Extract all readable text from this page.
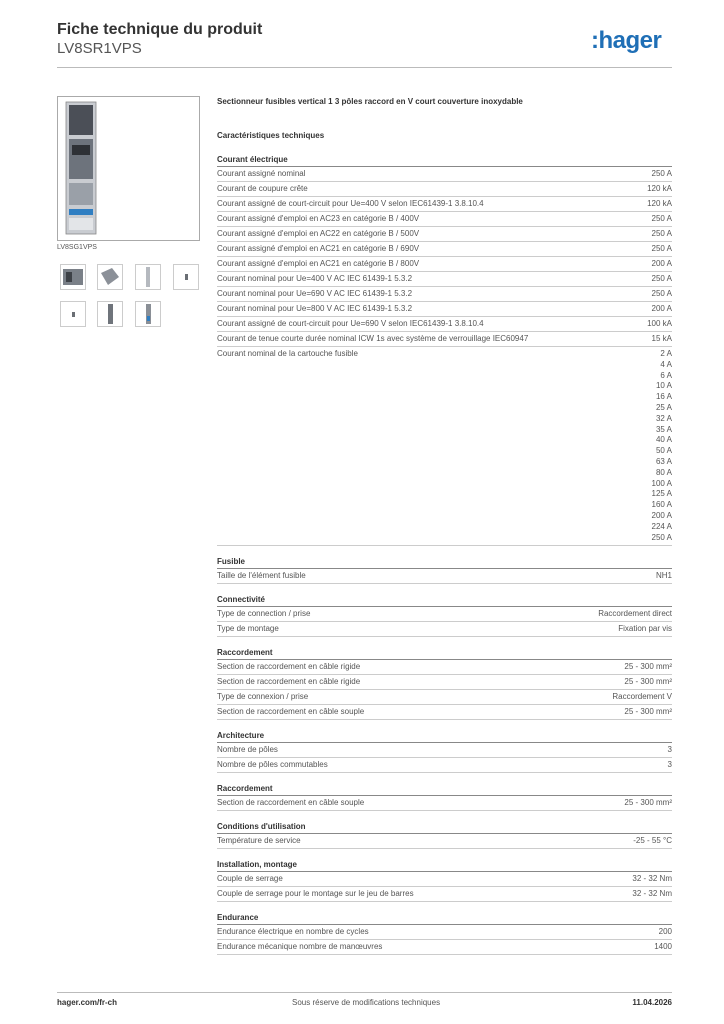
Fiche technique du produit
LV8SR1VPS	:hager
LV8SG1VPS
Sectionneur fusibles vertical 1 3 pôles raccord en V court couverture inoxydable
Caractéristiques techniques
Courant électrique
Courant assigné nominal	250 A
Courant de coupure crête	120 kA
Courant assigné de court-circuit pour Ue=400 V selon IEC61439-1 3.8.10.4	120 kA
Courant assigné d'emploi en AC23 en catégorie B / 400V	250 A
Courant assigné d'emploi en AC22 en catégorie B / 500V	250 A
Courant assigné d'emploi en AC21 en catégorie B / 690V	250 A
Courant assigné d'emploi en AC21 en catégorie B / 800V	200 A
Courant nominal pour Ue=400 V AC IEC 61439-1 5.3.2	250 A
Courant nominal pour Ue=690 V AC IEC 61439-1 5.3.2	250 A
Courant nominal pour Ue=800 V AC IEC 61439-1 5.3.2	200 A
Courant assigné de court-circuit pour Ue=690 V selon IEC61439-1 3.8.10.4	100 kA
Courant de tenue courte durée nominal ICW 1s avec système de verrouillage IEC60947	15 kA
Courant nominal de la cartouche fusible	2 A
4 A
6 A
10 A
16 A
25 A
32 A
35 A
40 A
50 A
63 A
80 A
100 A
125 A
160 A
200 A
224 A
250 A
Fusible
Taille de l'élément fusible	NH1
Connectivité
Type de connection / prise	Raccordement direct
Type de montage	Fixation par vis
Raccordement
Section de raccordement en câble rigide	25 - 300 mm²
Section de raccordement en câble rigide	25 - 300 mm²
Type de connexion / prise	Raccordement V
Section de raccordement en câble souple	25 - 300 mm²
Architecture
Nombre de pôles	3
Nombre de pôles commutables	3
Raccordement
Section de raccordement en câble souple	25 - 300 mm²
Conditions d'utilisation
Température de service	-25 - 55 °C
Installation, montage
Couple de serrage	32 - 32 Nm
Couple de serrage pour le montage sur le jeu de barres	32 - 32 Nm
Endurance
Endurance électrique en nombre de cycles	200
Endurance mécanique nombre de manœuvres	1400
hager.com/fr-ch	Sous réserve de modifications techniques	11.04.2026
